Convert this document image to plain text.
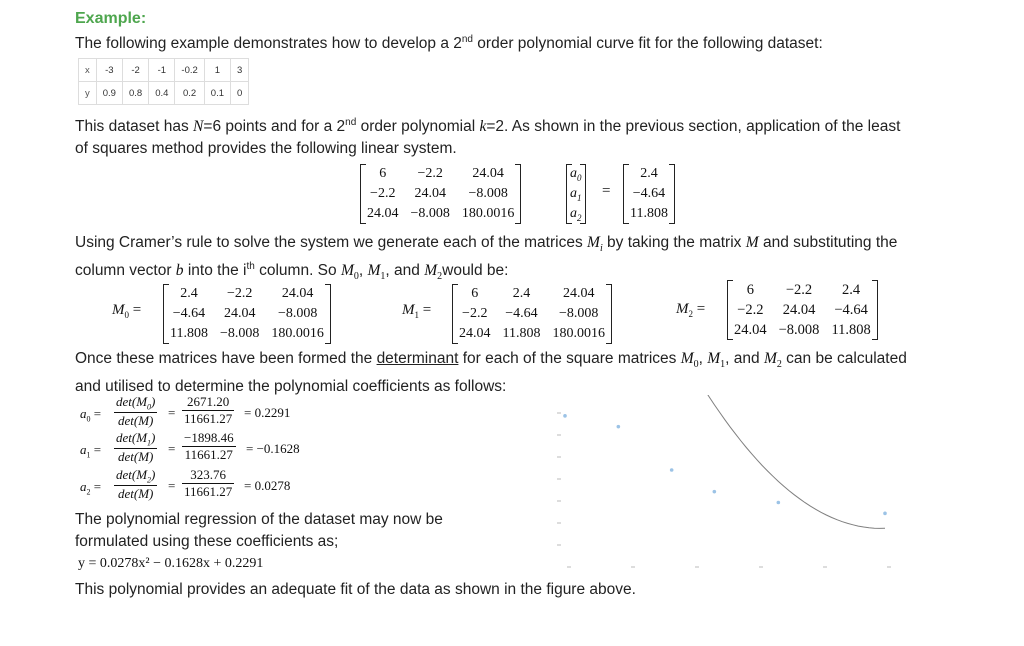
Example:
The following example demonstrates how to develop a 2nd order polynomial curve fit for the following dataset:
x	-3	-2	-1	-0.2	1	3
y	0.9	0.8	0.4	0.2	0.1	0
This dataset has N=6 points and for a 2nd order polynomial k=2. As shown in the previous section, application of the least
of squares method provides the following linear system.
6	−2.2	24.04
−2.2	24.04	−8.008
24.04	−8.008	180.0016
$a_0$
$a_1$
$a_2$
=
2.4
−4.64
11.808
Using Cramer’s rule to solve the system we generate each of the matrices $M_i$ by taking the matrix M and substituting the
column vector b into the $i^{th}$ column. So $M_0$, $M_1$, and $M_2would$ be:
$M_0$ =
2.4	−2.2	24.04
−4.64	24.04	−8.008
11.808	−8.008	180.0016
$M_1$ =
6	2.4	24.04
−2.2	−4.64	−8.008
24.04	11.808	180.0016
$M_2$ =
6	−2.2	2.4
−2.2	24.04	−4.64
24.04	−8.008	11.808
Once these matrices have been formed the determinant for each of the square matrices $M_0$, $M_1$, and $M_2$ can be calculated
and utilised to determine the polynomial coefficients as follows:
$a_0$ =
$\det(M_0)$
det(M)
= $\frac{2671.20}{11661.27} = 0.2291$
$a_1$ =
$\det(M_1)$
det(M)
= $\frac{-1898.46}{11661.27} = -0.1628$
$a_2$ =
$\det(M_2)$
det(M)
= $\frac{323.76}{11661.27} = 0.0278$
The polynomial regression of the dataset may now be
formulated using these coefficients as;
y = 0.0278x² − 0.1628x + 0.2291
This polynomial provides an adequate fit of the data as shown in the figure above.
